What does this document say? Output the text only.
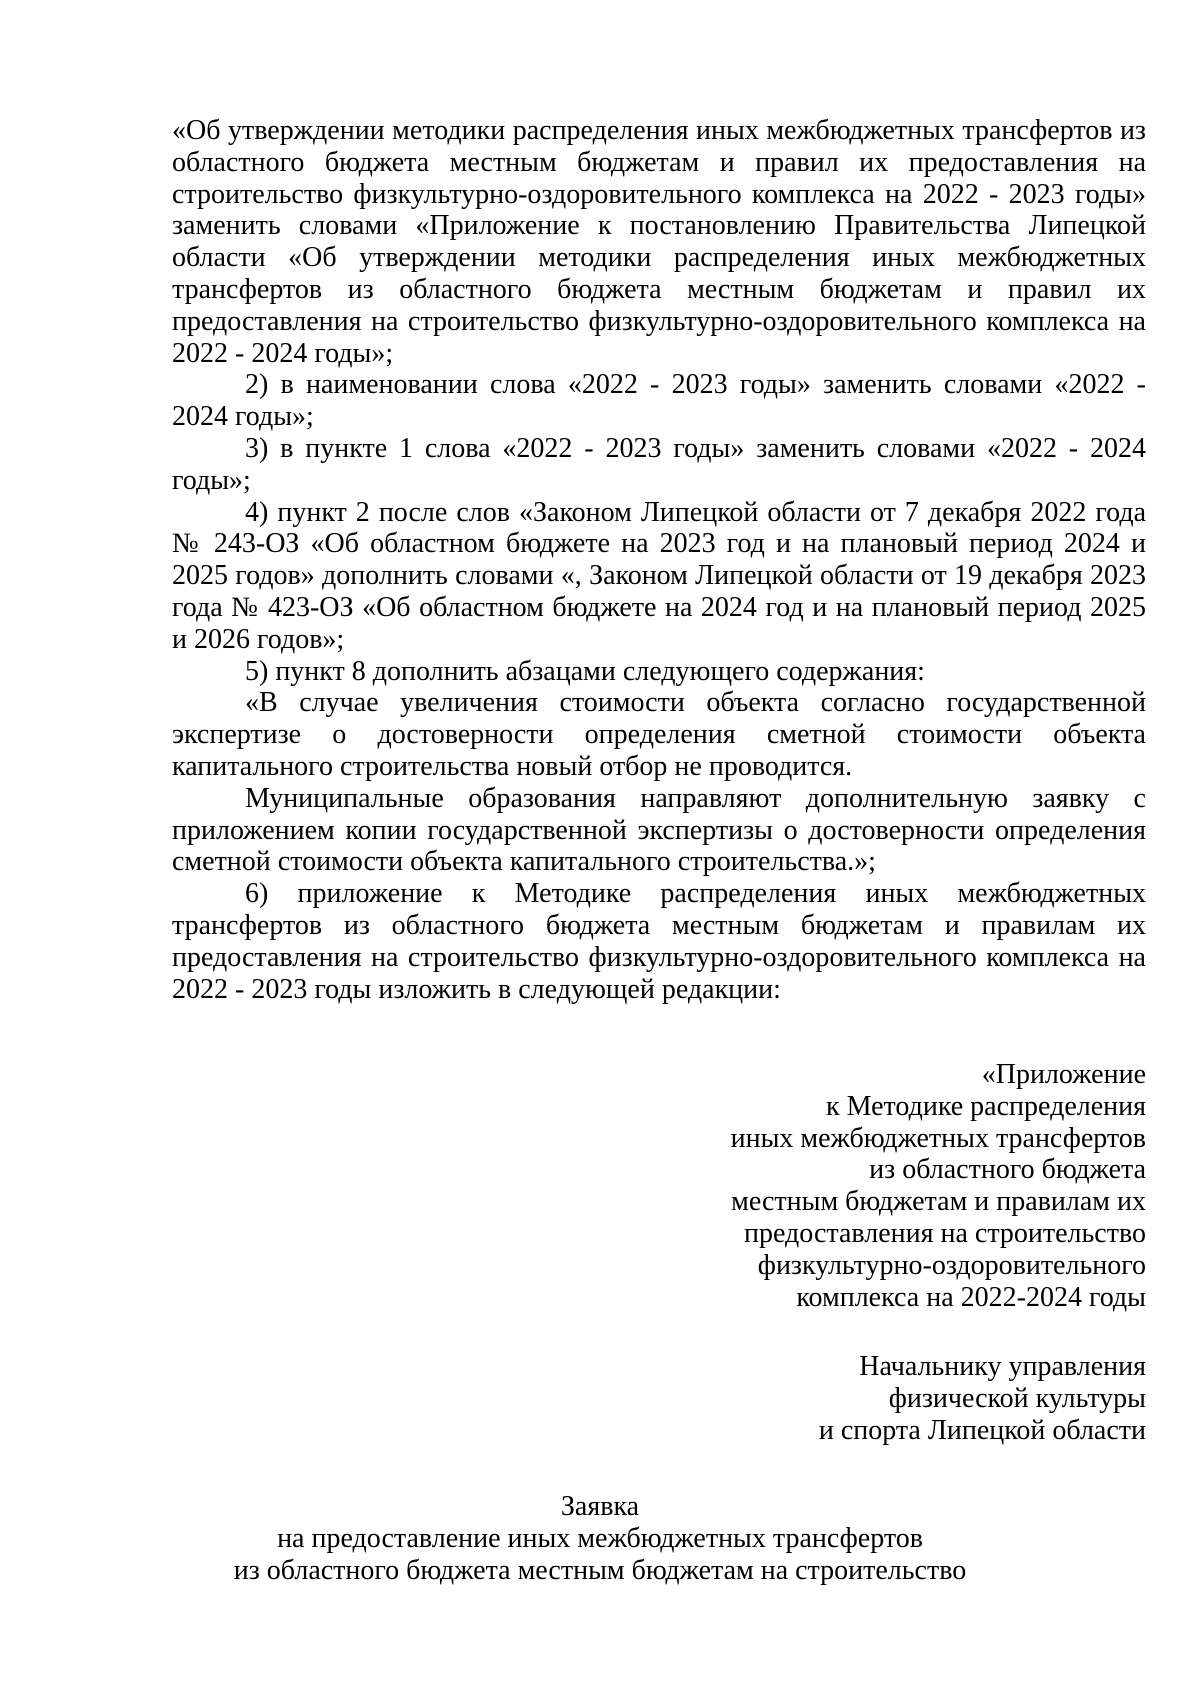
«Об утверждении методики распределения иных межбюджетных трансфертов из областного бюджета местным бюджетам и правил их предоставления на строительство физкультурно-оздоровительного комплекса на 2022 - 2023 годы» заменить словами «Приложение к постановлению Правительства Липецкой области «Об утверждении методики распределения иных межбюджетных трансфертов из областного бюджета местным бюджетам и правил их предоставления на строительство физкультурно-оздоровительного комплекса на 2022 - 2024 годы»;

2) в наименовании слова «2022 - 2023 годы» заменить словами «2022 - 2024 годы»;

3) в пункте 1 слова «2022 - 2023 годы» заменить словами «2022 - 2024 годы»;

4) пункт 2 после слов «Законом Липецкой области от 7 декабря 2022 года № 243-ОЗ «Об областном бюджете на 2023 год и на плановый период 2024 и 2025 годов» дополнить словами «, Законом Липецкой области от 19 декабря 2023 года № 423-ОЗ «Об областном бюджете на 2024 год и на плановый период 2025 и 2026 годов»;

5) пункт 8 дополнить абзацами следующего содержания:

«В случае увеличения стоимости объекта согласно государственной экспертизе о достоверности определения сметной стоимости объекта капитального строительства новый отбор не проводится.

Муниципальные образования направляют дополнительную заявку с приложением копии государственной экспертизы о достоверности определения сметной стоимости объекта капитального строительства.»;

6) приложение к Методике распределения иных межбюджетных трансфертов из областного бюджета местным бюджетам и правилам их предоставления на строительство физкультурно-оздоровительного комплекса на 2022 - 2023 годы изложить в следующей редакции:

«Приложение
к Методике распределения
иных межбюджетных трансфертов
из областного бюджета
местным бюджетам и правилам их
предоставления на строительство
физкультурно-оздоровительного
комплекса на 2022-2024 годы
Начальнику управления
физической культуры
и спорта Липецкой области
Заявка
на предоставление иных межбюджетных трансфертов
из областного бюджета местным бюджетам на строительство
